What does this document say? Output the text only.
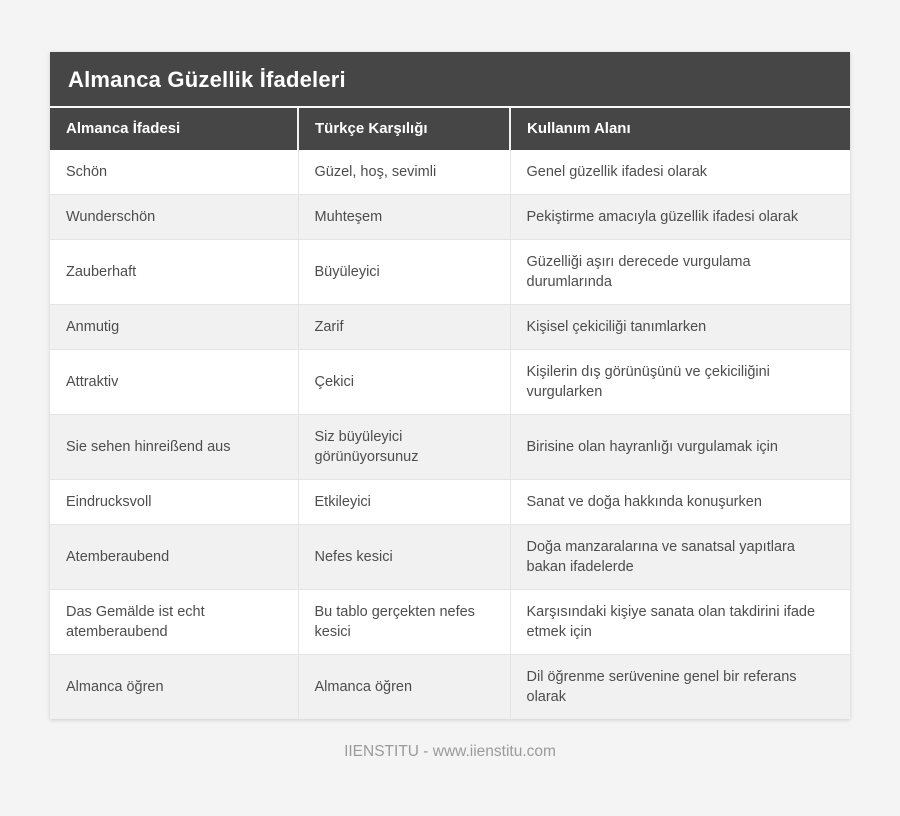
Almanca Güzellik İfadeleri
Almanca İfadesi	Türkçe Karşılığı	Kullanım Alanı
Schön	Güzel, hoş, sevimli	Genel güzellik ifadesi olarak
Wunderschön	Muhteşem	Pekiştirme amacıyla güzellik ifadesi olarak
Zauberhaft	Büyüleyici	Güzelliği aşırı derecede vurgulama durumlarında
Anmutig	Zarif	Kişisel çekiciliği tanımlarken
Attraktiv	Çekici	Kişilerin dış görünüşünü ve çekiciliğini vurgularken
Sie sehen hinreißend aus	Siz büyüleyici görünüyorsunuz	Birisine olan hayranlığı vurgulamak için
Eindrucksvoll	Etkileyici	Sanat ve doğa hakkında konuşurken
Atemberaubend	Nefes kesici	Doğa manzaralarına ve sanatsal yapıtlara bakan ifadelerde
Das Gemälde ist echt atemberaubend	Bu tablo gerçekten nefes kesici	Karşısındaki kişiye sanata olan takdirini ifade etmek için
Almanca öğren	Almanca öğren	Dil öğrenme serüvenine genel bir referans olarak
IIENSTITU - www.iienstitu.com
